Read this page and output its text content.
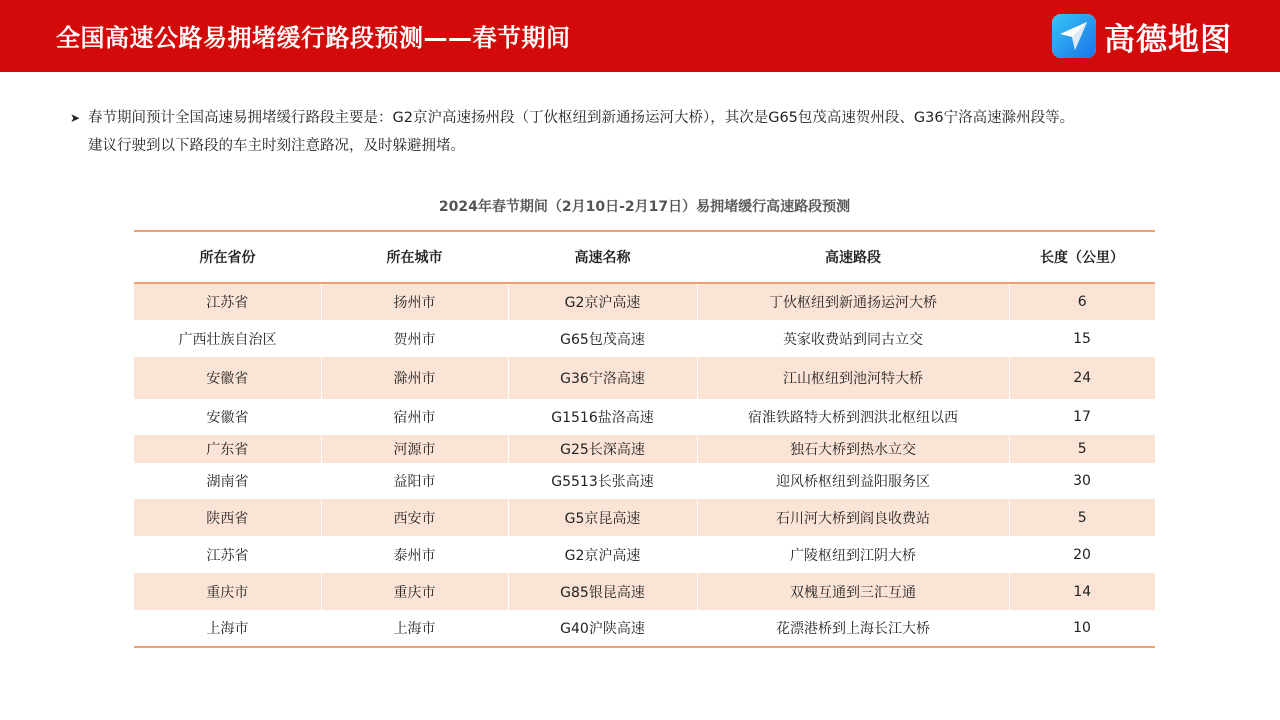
全国高速公路易拥堵缓行路段预测——春节期间	高德地图
➤ 春节期间预计全国高速易拥堵缓行路段主要是：G2京沪高速扬州段（丁伙枢纽到新通扬运河大桥），其次是G65包茂高速贺州段、G36宁洛高速滁州段等。
建议行驶到以下路段的车主时刻注意路况，及时躲避拥堵。
2024年春节期间（2月10日-2月17日）易拥堵缓行高速路段预测
所在省份	所在城市	高速名称	高速路段	长度（公里）
江苏省	扬州市	G2京沪高速	丁伙枢纽到新通扬运河大桥	6
广西壮族自治区	贺州市	G65包茂高速	英家收费站到同古立交	15
安徽省	滁州市	G36宁洛高速	江山枢纽到池河特大桥	24
安徽省	宿州市	G1516盐洛高速	宿淮铁路特大桥到泗洪北枢纽以西	17
广东省	河源市	G25长深高速	独石大桥到热水立交	5
湖南省	益阳市	G5513长张高速	迎风桥枢纽到益阳服务区	30
陕西省	西安市	G5京昆高速	石川河大桥到阎良收费站	5
江苏省	泰州市	G2京沪高速	广陵枢纽到江阴大桥	20
重庆市	重庆市	G85银昆高速	双槐互通到三汇互通	14
上海市	上海市	G40沪陕高速	花漂港桥到上海长江大桥	10
